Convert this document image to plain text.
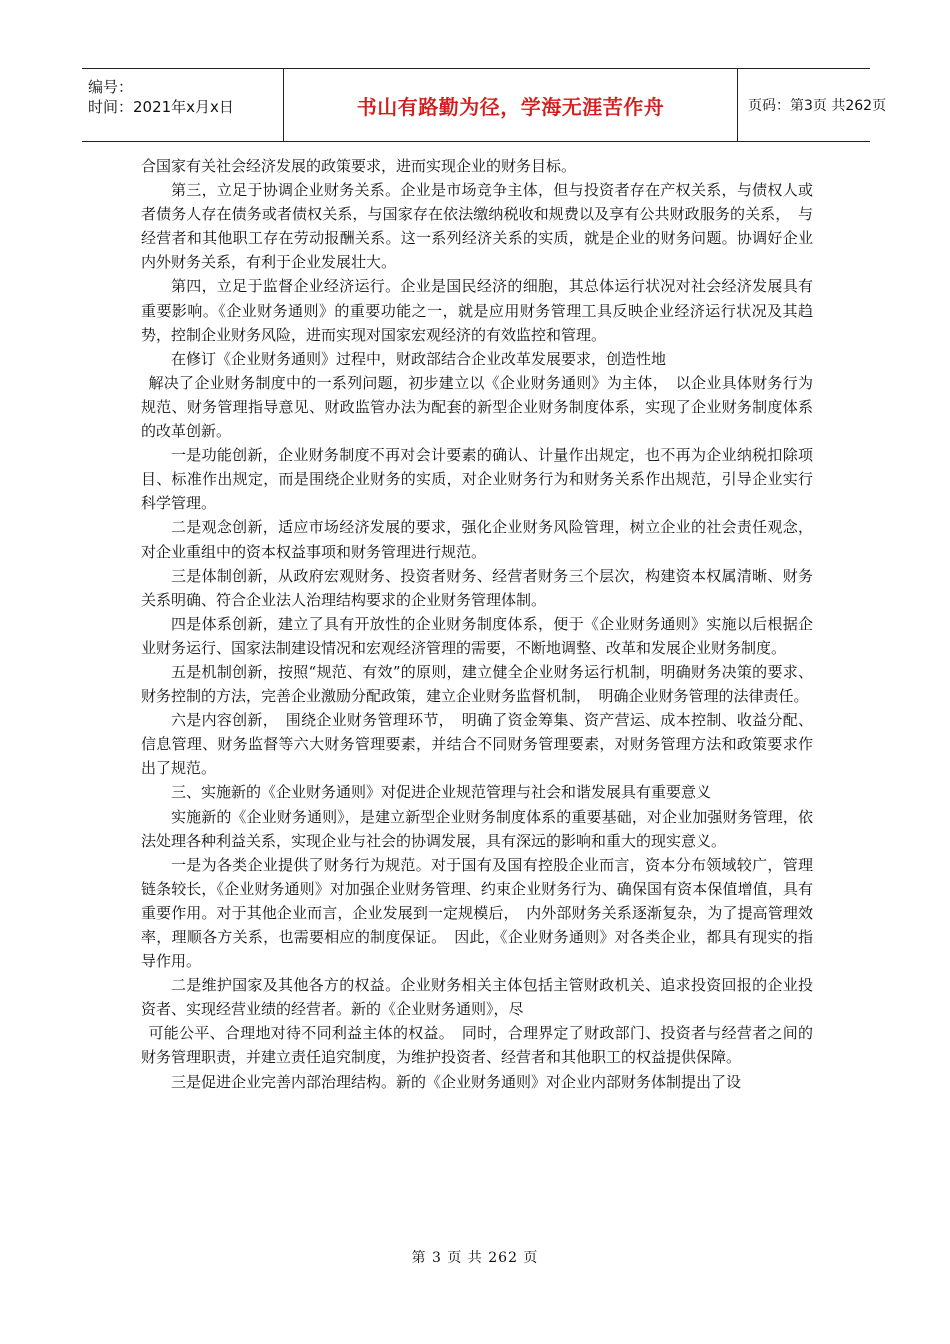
编号：
时间：2021年x月x日	书山有路勤为径，学海无涯苦作舟	页码：第3页 共262页

合国家有关社会经济发展的政策要求，进而实现企业的财务目标。

第三，立足于协调企业财务关系。企业是市场竞争主体，但与投资者存在产权关系，与债权人或者债务人存在债务或者债权关系，与国家存在依法缴纳税收和规费以及享有公共财政服务的关系，　与经营者和其他职工存在劳动报酬关系。这一系列经济关系的实质，就是企业的财务问题。协调好企业内外财务关系，有利于企业发展壮大。

第四，立足于监督企业经济运行。企业是国民经济的细胞，其总体运行状况对社会经济发展具有重要影响。《企业财务通则》的重要功能之一，就是应用财务管理工具反映企业经济运行状况及其趋势，控制企业财务风险，进而实现对国家宏观经济的有效监控和管理。

在修订《企业财务通则》过程中，财政部结合企业改革发展要求，创造性地

解决了企业财务制度中的一系列问题，初步建立以《企业财务通则》为主体，　以企业具体财务行为规范、财务管理指导意见、财政监管办法为配套的新型企业财务制度体系，实现了企业财务制度体系的改革创新。

一是功能创新，企业财务制度不再对会计要素的确认、计量作出规定，也不再为企业纳税扣除项目、标准作出规定，而是围绕企业财务的实质，对企业财务行为和财务关系作出规范，引导企业实行科学管理。

二是观念创新，适应市场经济发展的要求，强化企业财务风险管理，树立企业的社会责任观念，对企业重组中的资本权益事项和财务管理进行规范。

三是体制创新，从政府宏观财务、投资者财务、经营者财务三个层次，构建资本权属清晰、财务关系明确、符合企业法人治理结构要求的企业财务管理体制。

四是体系创新，建立了具有开放性的企业财务制度体系，便于《企业财务通则》实施以后根据企业财务运行、国家法制建设情况和宏观经济管理的需要，不断地调整、改革和发展企业财务制度。

五是机制创新，按照“规范、有效”的原则，建立健全企业财务运行机制，明确财务决策的要求、财务控制的方法，完善企业激励分配政策，建立企业财务监督机制，　明确企业财务管理的法律责任。

六是内容创新，　围绕企业财务管理环节，　明确了资金筹集、资产营运、成本控制、收益分配、信息管理、财务监督等六大财务管理要素，并结合不同财务管理要素，对财务管理方法和政策要求作出了规范。

三、实施新的《企业财务通则》对促进企业规范管理与社会和谐发展具有重要意义

实施新的《企业财务通则》，是建立新型企业财务制度体系的重要基础，对企业加强财务管理，依法处理各种利益关系，实现企业与社会的协调发展，具有深远的影响和重大的现实意义。

一是为各类企业提供了财务行为规范。对于国有及国有控股企业而言，资本分布领域较广，管理链条较长，《企业财务通则》对加强企业财务管理、约束企业财务行为、确保国有资本保值增值，具有重要作用。对于其他企业而言，企业发展到一定规模后，　内外部财务关系逐渐复杂，为了提高管理效率，理顺各方关系，也需要相应的制度保证。　因此，《企业财务通则》对各类企业，都具有现实的指导作用。

二是维护国家及其他各方的权益。企业财务相关主体包括主管财政机关、追求投资回报的企业投资者、实现经营业绩的经营者。新的《企业财务通则》，尽

可能公平、合理地对待不同利益主体的权益。　同时，合理界定了财政部门、投资者与经营者之间的财务管理职责，并建立责任追究制度，为维护投资者、经营者和其他职工的权益提供保障。

三是促进企业完善内部治理结构。新的《企业财务通则》对企业内部财务体制提出了设

第 3 页 共 262 页
